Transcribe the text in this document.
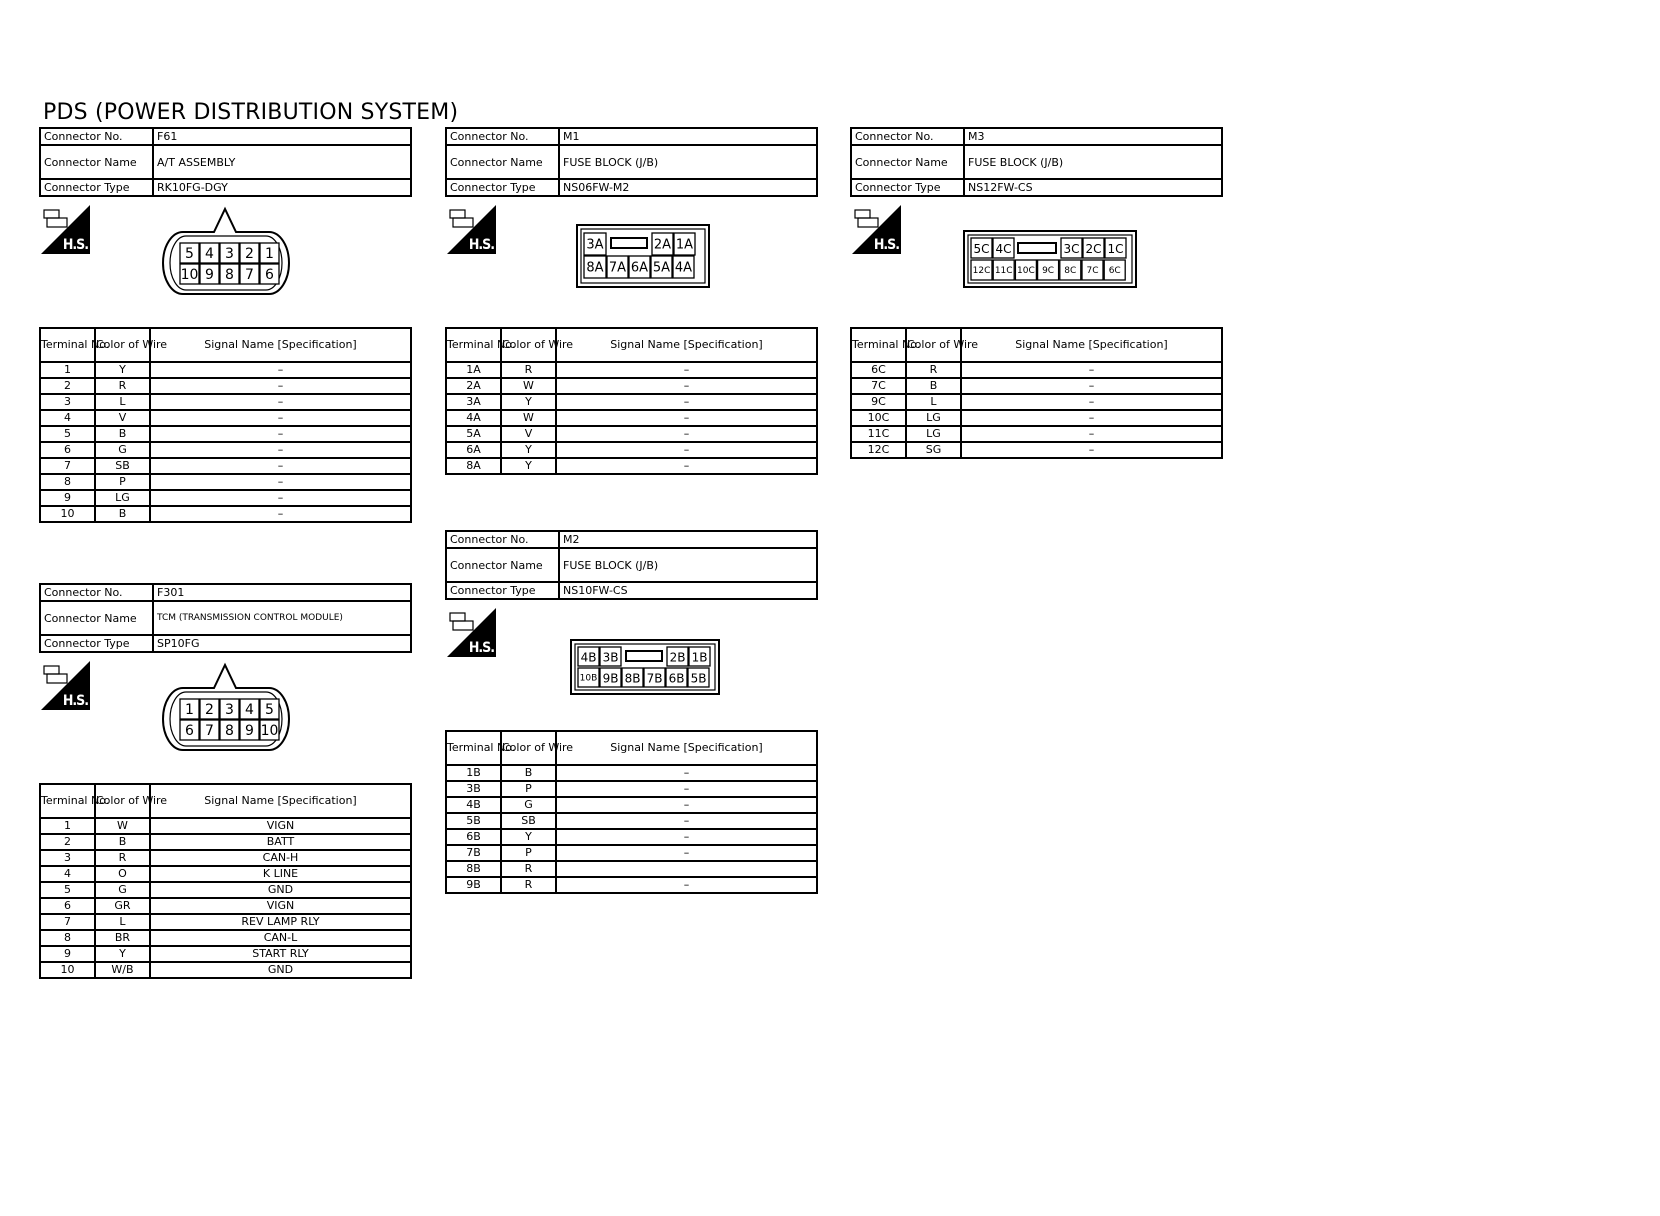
PDS (POWER DISTRIBUTION SYSTEM)
Connector No.	F61
Connector Name	A/T ASSEMBLY
Connector Type	RK10FG-DGY
H.S.
5
10
4
9
3
8
2
7
1
6
Terminal No.	Color of Wire	Signal Name [Specification]
1	Y	–
2	R	–
3	L	–
4	V	–
5	B	–
6	G	–
7	SB	–
8	P	–
9	LG	–
10	B	–
Connector No.	F301
Connector Name	TCM (TRANSMISSION CONTROL MODULE)
Connector Type	SP10FG
H.S.
1
6
2
7
3
8
4
9
5
10
Terminal No.	Color of Wire	Signal Name [Specification]
1	W	VIGN
2	B	BATT
3	R	CAN-H
4	O	K LINE
5	G	GND
6	GR	VIGN
7	L	REV LAMP RLY
8	BR	CAN-L
9	Y	START RLY
10	W/B	GND
Connector No.	M1
Connector Name	FUSE BLOCK (J/B)
Connector Type	NS06FW-M2
H.S.	3A	2A 1A
8A 7A 6A 5A 4A
Terminal No.	Color of Wire	Signal Name [Specification]
1A	R	–
2A	W	–
3A	Y	–
4A	W	–
5A	V	–
6A	Y	–
8A	Y	–
Connector No.	M2
Connector Name	FUSE BLOCK (J/B)
Connector Type	NS10FW-CS
H.S.
4B 3B	2B 1B
10B 9B 8B 7B 6B 5B
Terminal No.	Color of Wire	Signal Name [Specification]
1B	B	–
3B	P	–
4B	G	–
5B	SB	–
6B	Y	–
7B	P	–
8B	R	
9B	R	–
Connector No.	M3
Connector Name	FUSE BLOCK (J/B)
Connector Type	NS12FW-CS
H.S.	5C 4C	3C 2C 1C
12C 11C 10C 9C 8C 7C 6C
Terminal No.	Color of Wire	Signal Name [Specification]
6C	R	–
7C	B	–
9C	L	–
10C	LG	–
11C	LG	–
12C	SG	–
